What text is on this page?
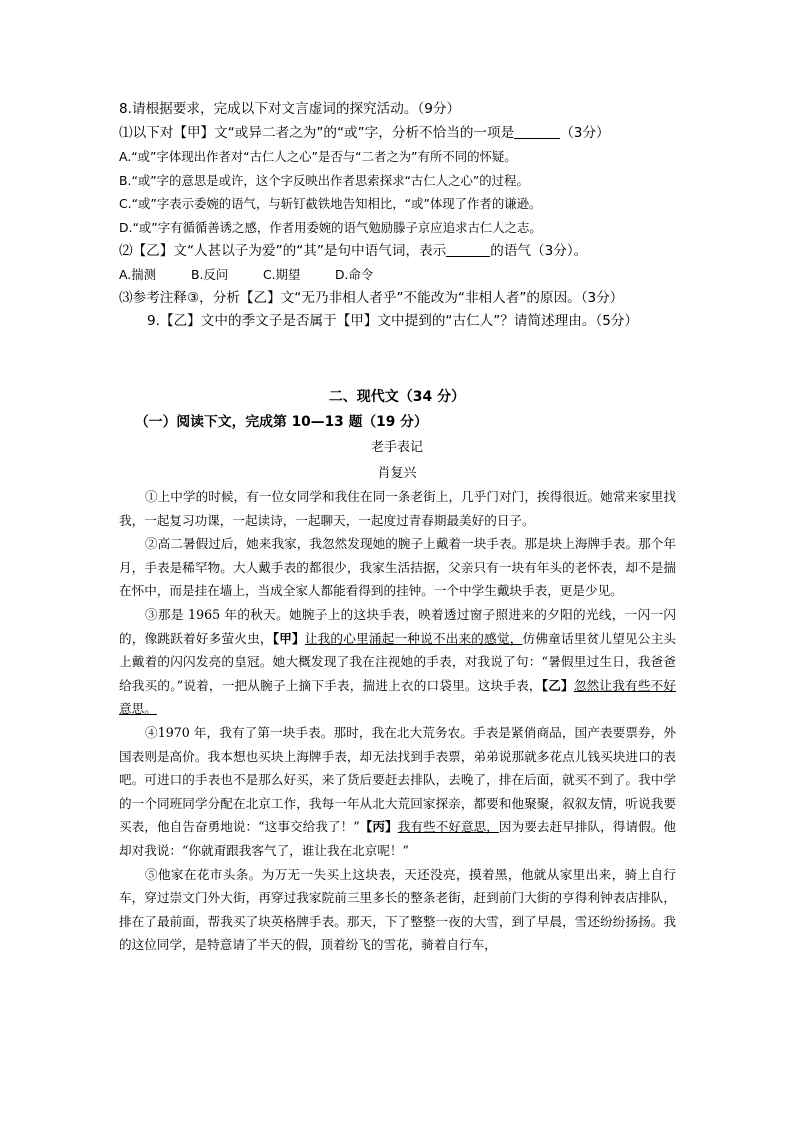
8.请根据要求，完成以下对文言虚词的探究活动。（9分）
⑴以下对【甲】文“或异二者之为”的“或”字，分析不恰当的一项是	（3分）
A.“或”字体现出作者对“古仁人之心”是否与“二者之为”有所不同的怀疑。
B.“或”字的意思是或许，这个字反映出作者思索探求“古仁人之心”的过程。
C.“或”字表示委婉的语气，与斩钉截铁地告知相比，“或”体现了作者的谦逊。
D.“或”字有循循善诱之感，作者用委婉的语气勉励滕子京应追求古仁人之志。
⑵【乙】文“人甚以子为爱”的“其”是句中语气词，表示	的语气（3分）。
A.揣测	B.反问	C.期望	D.命令
⑶参考注释③，分析【乙】文“无乃非相人者乎”不能改为“非相人者”的原因。（3分）
9.【乙】文中的季文子是否属于【甲】文中提到的“古仁人”？请简述理由。（5分）
二、现代文（34 分）
（一）阅读下文，完成第 10—13 题（19 分）
老手表记
肖复兴

①上中学的时候，有一位女同学和我住在同一条老街上，几乎门对门，挨得很近。她常来家里找我，一起复习功课，一起读诗，一起聊天，一起度过青春期最美好的日子。

②高二暑假过后，她来我家，我忽然发现她的腕子上戴着一块手表。那是块上海牌手表。那个年月，手表是稀罕物。大人戴手表的都很少，我家生活拮据，父亲只有一块有年头的老怀表，却不是揣在怀中，而是挂在墙上，当成全家人都能看得到的挂钟。一个中学生戴块手表，更是少见。

③那是 1965 年的秋天。她腕子上的这块手表，映着透过窗子照进来的夕阳的光线，一闪一闪的，像跳跃着好多萤火虫，【甲】让我的心里涌起一种说不出来的感觉，仿佛童话里贫儿望见公主头上戴着的闪闪发亮的皇冠。她大概发现了我在注视她的手表，对我说了句：“暑假里过生日，我爸爸给我买的。”说着，一把从腕子上摘下手表，揣进上衣的口袋里。这块手表，【乙】忽然让我有些不好意思。

④1970 年，我有了第一块手表。那时，我在北大荒务农。手表是紧俏商品，国产表要票券，外国表则是高价。我本想也买块上海牌手表，却无法找到手表票，弟弟说那就多花点儿钱买块进口的表吧。可进口的手表也不是那么好买，来了货后要赶去排队，去晚了，排在后面，就买不到了。我中学的一个同班同学分配在北京工作，我每一年从北大荒回家探亲，都要和他聚聚，叙叙友情，听说我要买表，他自告奋勇地说：“这事交给我了！”【丙】我有些不好意思，因为要去赶早排队，得请假。他却对我说：“你就甭跟我客气了，谁让我在北京呢！”

⑤他家在花市头条。为万无一失买上这块表，天还没亮，摸着黑，他就从家里出来，骑上自行车，穿过崇文门外大街，再穿过我家院前三里多长的整条老街，赶到前门大街的亨得利钟表店排队，排在了最前面，帮我买了块英格牌手表。那天，下了整整一夜的大雪，到了早晨，雪还纷纷扬扬。我的这位同学，是特意请了半天的假，顶着纷飞的雪花，骑着自行车，
